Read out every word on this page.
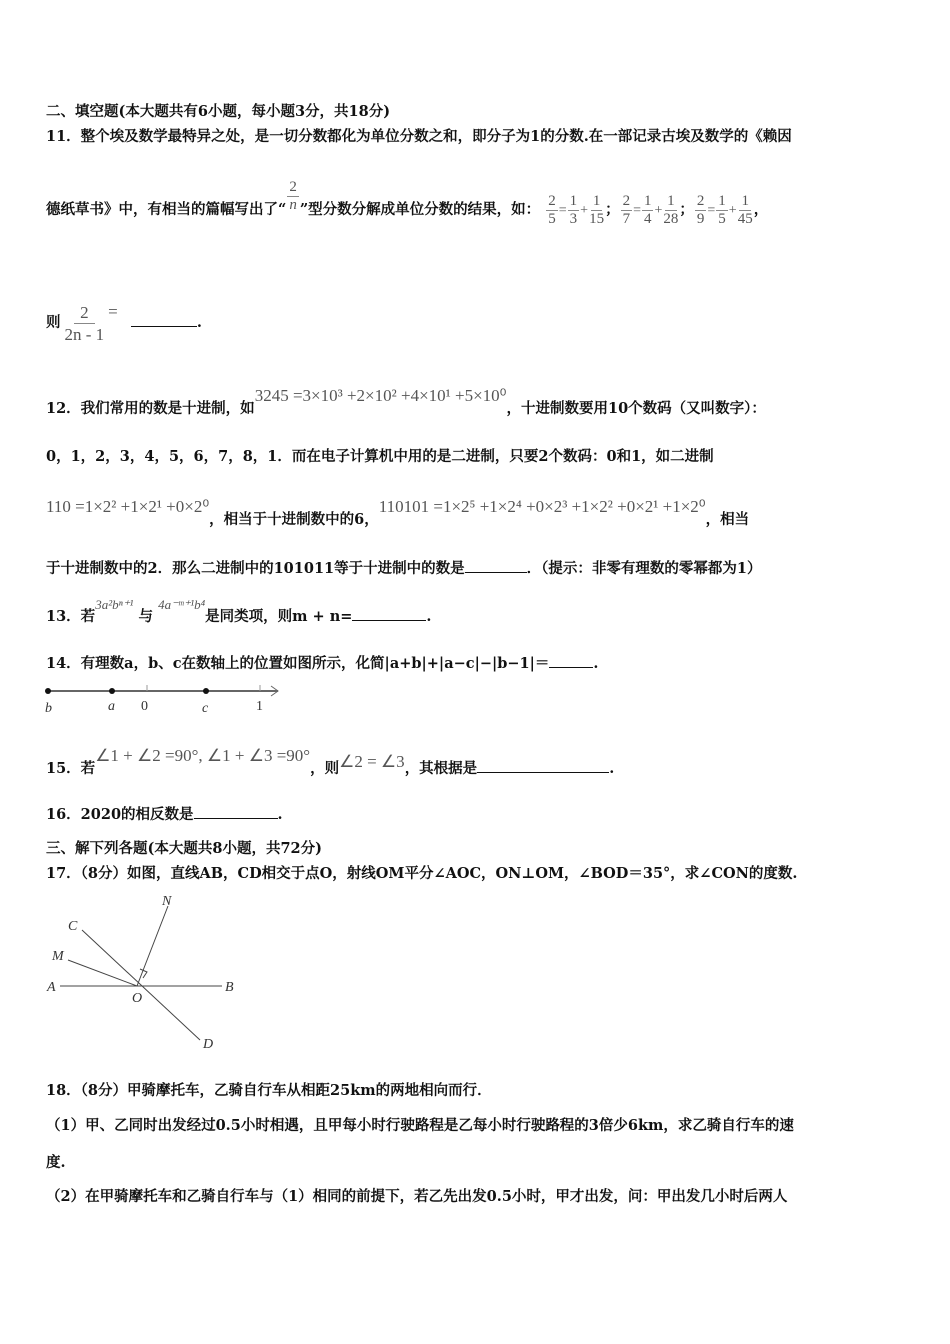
二、填空题(本大题共有6小题，每小题3分，共18分)
11．整个埃及数学最特异之处，是一切分数都化为单位分数之和，即分子为1的分数.在一部记录古埃及数学的《赖因
德纸草书》中，有相当的篇幅写出了“ $\frac{2}{n}$ ”型分数分解成单位分数的结果，如： $\frac{2}{5} = \frac{1}{3} + \frac{1}{15}$ ； $\frac{2}{7} = \frac{1}{4} + \frac{1}{28}$ ； $\frac{2}{9} = \frac{1}{5} + \frac{1}{45}$ ，
则 $\frac{2}{2n - 1}$ = .
12．我们常用的数是十进制，如3245 =3×10³ +2×10² +4×10¹ +5×10⁰，十进制数要用10个数码（又叫数字）：
0，1，2，3，4，5，6，7，8，1．而在电子计算机中用的是二进制，只要2个数码：0和1，如二进制
110 =1×2² +1×2¹ +0×2⁰，相当于十进制数中的6，110101 =1×2⁵ +1×2⁴ +0×2³ +1×2² +0×2¹ +1×2⁰，相当
于十进制数中的2．那么二进制中的101011等于十进制中的数是	．（提示：非零有理数的零幂都为1）
13．若3a²bⁿ⁺¹ 与 4a⁻ᵐ⁺¹b⁴是同类项，则m + n=	.
14．有理数a，b、c在数轴上的位置如图所示，化简|a+b|+|a−c|−|b−1|＝	.
b	a 0	c	1
15．若∠1 + ∠2 =90°, ∠1 + ∠3 =90°，则∠2 = ∠3，其根据是	.
16．2020的相反数是	.
三、解下列各题(本大题共8小题，共72分)
17．（8分）如图，直线AB，CD相交于点O，射线OM平分∠AOC，ON⊥OM，∠BOD＝35°，求∠CON的度数.
N
C
M
A	B
O
D
18．（8分）甲骑摩托车，乙骑自行车从相距25km的两地相向而行．
（1）甲、乙同时出发经过0.5小时相遇，且甲每小时行驶路程是乙每小时行驶路程的3倍少6km，求乙骑自行车的速
度.
（2）在甲骑摩托车和乙骑自行车与（1）相同的前提下，若乙先出发0.5小时，甲才出发，问：甲出发几小时后两人
